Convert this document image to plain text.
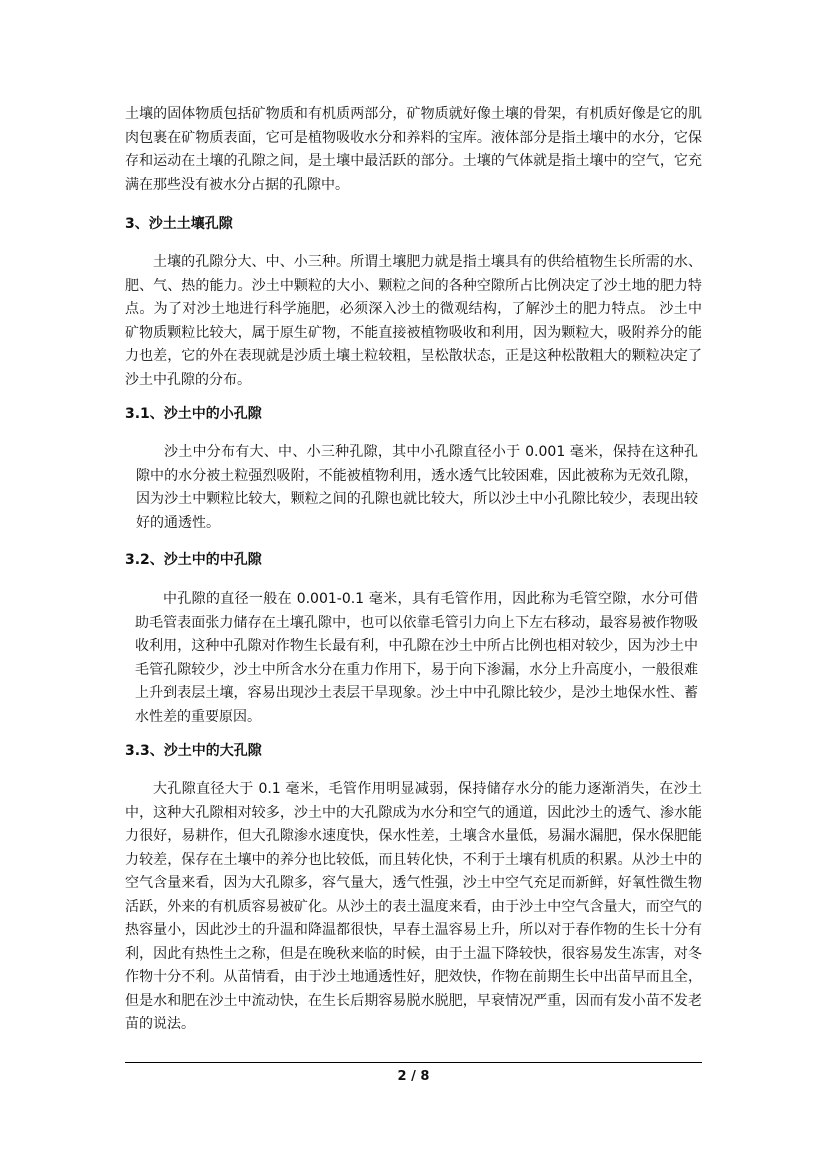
土壤的固体物质包括矿物质和有机质两部分，矿物质就好像土壤的骨架，有机质好像是它的肌肉包裹在矿物质表面，它可是植物吸收水分和养料的宝库。液体部分是指土壤中的水分，它保存和运动在土壤的孔隙之间，是土壤中最活跃的部分。土壤的气体就是指土壤中的空气，它充满在那些没有被水分占据的孔隙中。

3、沙土土壤孔隙

土壤的孔隙分大、中、小三种。所谓土壤肥力就是指土壤具有的供给植物生长所需的水、肥、气、热的能力。沙土中颗粒的大小、颗粒之间的各种空隙所占比例决定了沙土地的肥力特点。为了对沙土地进行科学施肥，必须深入沙土的微观结构，了解沙土的肥力特点。 沙土中矿物质颗粒比较大，属于原生矿物，不能直接被植物吸收和利用，因为颗粒大，吸附养分的能力也差，它的外在表现就是沙质土壤土粒较粗，呈松散状态，正是这种松散粗大的颗粒决定了沙土中孔隙的分布。

3.1、沙土中的小孔隙

沙土中分布有大、中、小三种孔隙，其中小孔隙直径小于 0.001 毫米，保持在这种孔隙中的水分被土粒强烈吸附，不能被植物利用，透水透气比较困难，因此被称为无效孔隙，因为沙土中颗粒比较大，颗粒之间的孔隙也就比较大，所以沙土中小孔隙比较少，表现出较好的通透性。

3.2、沙土中的中孔隙

中孔隙的直径一般在 0.001-0.1 毫米，具有毛管作用，因此称为毛管空隙，水分可借助毛管表面张力储存在土壤孔隙中，也可以依靠毛管引力向上下左右移动，最容易被作物吸收利用，这种中孔隙对作物生长最有利，中孔隙在沙土中所占比例也相对较少，因为沙土中毛管孔隙较少，沙土中所含水分在重力作用下，易于向下渗漏，水分上升高度小，一般很难上升到表层土壤，容易出现沙土表层干旱现象。沙土中中孔隙比较少，是沙土地保水性、蓄水性差的重要原因。

3.3、沙土中的大孔隙

大孔隙直径大于 0.1 毫米，毛管作用明显减弱，保持储存水分的能力逐渐消失，在沙土中，这种大孔隙相对较多，沙土中的大孔隙成为水分和空气的通道，因此沙土的透气、渗水能力很好，易耕作，但大孔隙渗水速度快，保水性差，土壤含水量低，易漏水漏肥，保水保肥能力较差，保存在土壤中的养分也比较低，而且转化快，不利于土壤有机质的积累。从沙土中的空气含量来看，因为大孔隙多，容气量大，透气性强，沙土中空气充足而新鲜，好氧性微生物活跃，外来的有机质容易被矿化。从沙土的表土温度来看，由于沙土中空气含量大，而空气的热容量小，因此沙土的升温和降温都很快，早春土温容易上升，所以对于春作物的生长十分有利，因此有热性土之称，但是在晚秋来临的时候，由于土温下降较快，很容易发生冻害，对冬作物十分不利。从苗情看，由于沙土地通透性好，肥效快，作物在前期生长中出苗早而且全，但是水和肥在沙土中流动快，在生长后期容易脱水脱肥，早衰情况严重，因而有发小苗不发老苗的说法。

2 / 8
